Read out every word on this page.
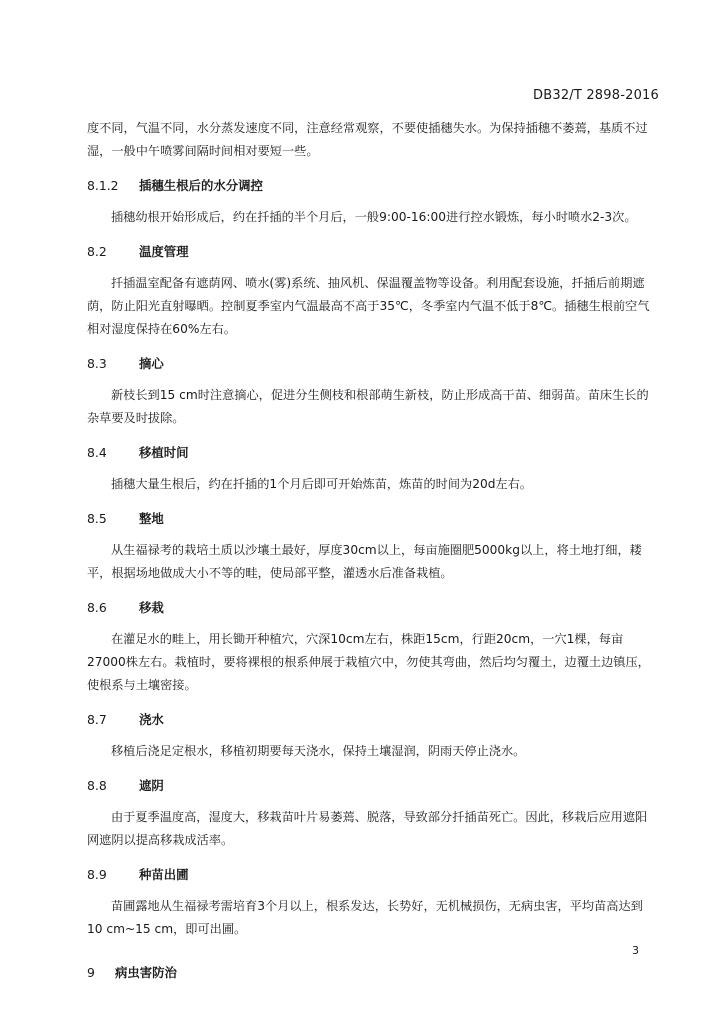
DB32/T 2898-2016

度不同，气温不同，水分蒸发速度不同，注意经常观察，不要使插穗失水。为保持插穗不萎蔫，基质不过湿，一般中午喷雾间隔时间相对要短一些。

8.1.2 插穗生根后的水分调控

插穗幼根开始形成后，约在扦插的半个月后，一般9:00-16:00进行控水锻炼，每小时喷水2-3次。

8.2	温度管理

扦插温室配备有遮荫网、喷水(雾)系统、抽风机、保温覆盖物等设备。利用配套设施，扦插后前期遮荫，防止阳光直射曝晒。控制夏季室内气温最高不高于35℃，冬季室内气温不低于8℃。插穗生根前空气相对湿度保持在60%左右。

8.3	摘心

新枝长到15 cm时注意摘心，促进分生侧枝和根部萌生新枝，防止形成高干苗、细弱苗。苗床生长的杂草要及时拔除。

8.4	移植时间

插穗大量生根后，约在扦插的1个月后即可开始炼苗，炼苗的时间为20d左右。

8.5	整地

从生福禄考的栽培土质以沙壤土最好，厚度30cm以上，每亩施圈肥5000kg以上，将土地打细，耧平，根据场地做成大小不等的畦，使局部平整，灌透水后准备栽植。

8.6	移栽

在灌足水的畦上，用长锄开种植穴，穴深10cm左右，株距15cm，行距20cm，一穴1棵，每亩27000株左右。栽植时，要将裸根的根系伸展于栽植穴中，勿使其弯曲，然后均匀覆土，边覆土边镇压，使根系与土壤密接。

8.7	浇水

移植后浇足定根水，移植初期要每天浇水，保持土壤湿润，阴雨天停止浇水。

8.8	遮阴

由于夏季温度高，湿度大，移栽苗叶片易萎蔫、脱落，导致部分扦插苗死亡。因此，移栽后应用遮阳网遮阴以提高移栽成活率。

8.9	种苗出圃

苗圃露地从生福禄考需培育3个月以上，根系发达，长势好，无机械损伤，无病虫害，平均苗高达到10 cm~15 cm，即可出圃。

9 病虫害防治
3
